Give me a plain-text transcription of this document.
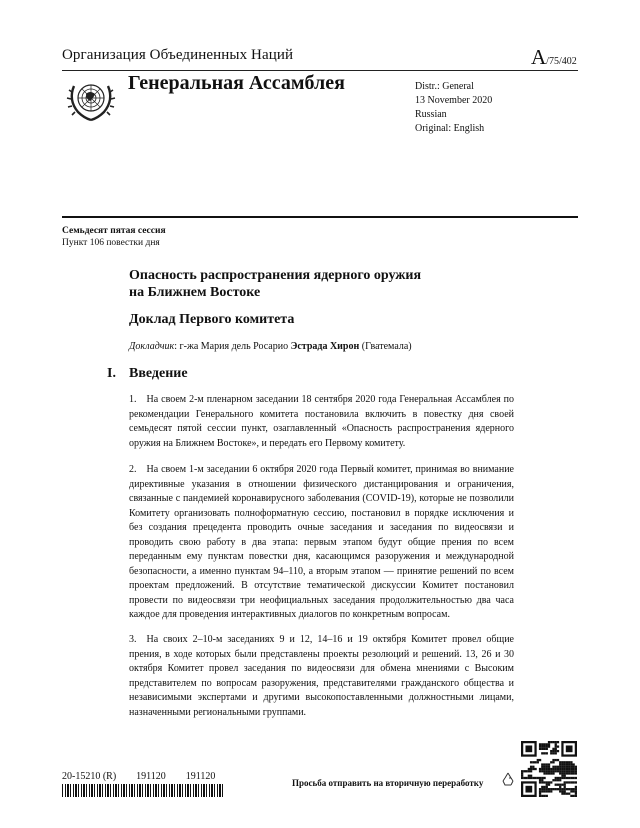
Организация Объединенных Наций	A/75/402
Генеральная Ассамблея	Distr.: General
13 November 2020
Russian
Original: English
Семьдесят пятая сессия
Пункт 106 повестки дня
Опасность распространения ядерного оружия
на Ближнем Востоке
Доклад Первого комитета
Докладчик: г-жа Мария дель Росарио Эстрада Хирон (Гватемала)
I. Введение
1. На своем 2-м пленарном заседании 18 сентября 2020 года Генеральная Ассамблея по рекомендации Генерального комитета постановила включить в повестку дня своей семьдесят пятой сессии пункт, озаглавленный «Опасность распространения ядерного оружия на Ближнем Востоке», и передать его Первому комитету.
2. На своем 1-м заседании 6 октября 2020 года Первый комитет, принимая во внимание директивные указания в отношении физического дистанцирования и ограничения, связанные с пандемией коронавирусного заболевания (COVID-19), которые не позволили Комитету организовать полноформатную сессию, постановил в порядке исключения и без создания прецедента проводить очные заседания и заседания по видеосвязи и проводить свою работу в два этапа: первым этапом будут общие прения по всем переданным ему пунктам повестки дня, касающимся разоружения и международной безопасности, а именно пунктам 94–110, а вторым этапом — принятие решений по всем проектам предложений. В отсутствие тематической дискуссии Комитет постановил провести по видеосвязи три неофициальных заседания продолжительностью два часа каждое для проведения интерактивных диалогов по конкретным вопросам.
3. На своих 2–10-м заседаниях 9 и 12, 14–16 и 19 октября Комитет провел общие прения, в ходе которых были представлены проекты резолюций и решений. 13, 26 и 30 октября Комитет провел заседания по видеосвязи для обмена мнениями с Высоким представителем по вопросам разоружения, представителями гражданского общества и независимыми экспертами и другими высокопоставленными должностными лицами, назначенными региональными группами.
20-15210 (R)  191120  191120
Просьба отправить на вторичную переработку
